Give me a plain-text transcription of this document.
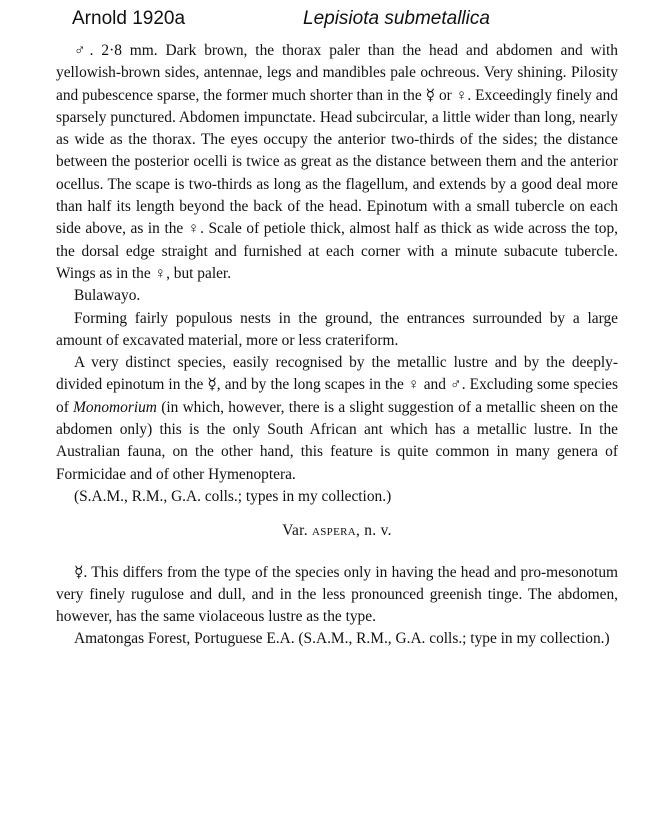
Arnold 1920a	Lepisiota submetallica

♂. 2·8 mm. Dark brown, the thorax paler than the head and abdomen and with yellowish-brown sides, antennae, legs and mandibles pale ochreous. Very shining. Pilosity and pubescence sparse, the former much shorter than in the ☿ or ♀. Exceedingly finely and sparsely punctured. Abdomen impunctate. Head subcircular, a little wider than long, nearly as wide as the thorax. The eyes occupy the anterior two-thirds of the sides; the distance between the posterior ocelli is twice as great as the distance between them and the anterior ocellus. The scape is two-thirds as long as the flagellum, and extends by a good deal more than half its length beyond the back of the head. Epinotum with a small tubercle on each side above, as in the ♀. Scale of petiole thick, almost half as thick as wide across the top, the dorsal edge straight and furnished at each corner with a minute subacute tubercle. Wings as in the ♀, but paler.

Bulawayo.

Forming fairly populous nests in the ground, the entrances surrounded by a large amount of excavated material, more or less crateriform.

A very distinct species, easily recognised by the metallic lustre and by the deeply-divided epinotum in the ☿, and by the long scapes in the ♀ and ♂. Excluding some species of Monomorium (in which, however, there is a slight suggestion of a metallic sheen on the abdomen only) this is the only South African ant which has a metallic lustre. In the Australian fauna, on the other hand, this feature is quite common in many genera of Formicidae and of other Hymenoptera.

(S.A.M., R.M., G.A. colls.; types in my collection.)

Var. aspera, n. v.

☿. This differs from the type of the species only in having the head and pro-mesonotum very finely rugulose and dull, and in the less pronounced greenish tinge. The abdomen, however, has the same violaceous lustre as the type.

Amatongas Forest, Portuguese E.A. (S.A.M., R.M., G.A. colls.; type in my collection.)
